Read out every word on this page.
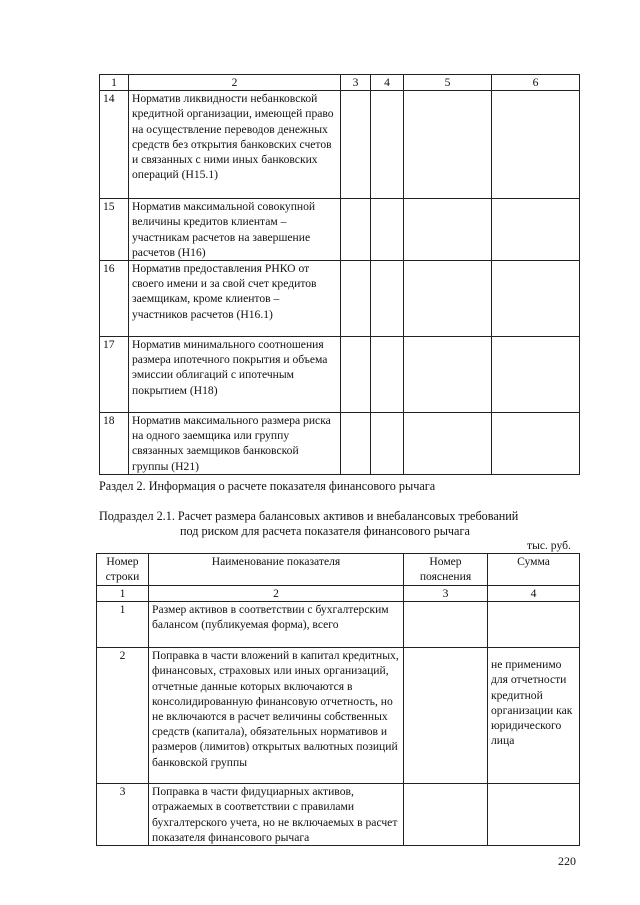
1	2	3	4	5	6
14	Норматив ликвидности небанковской кредитной организации, имеющей право на осуществление переводов денежных средств без открытия банковских счетов и связанных с ними иных банковских операций (Н15.1)				
15	Норматив максимальной совокупной величины кредитов клиентам – участникам расчетов на завершение расчетов (Н16)				
16	Норматив предоставления РНКО от своего имени и за свой счет кредитов заемщикам, кроме клиентов – участников расчетов (Н16.1)				
17	Норматив минимального соотношения размера ипотечного покрытия и объема эмиссии облигаций с ипотечным покрытием (Н18)				
18	Норматив максимального размера риска на одного заемщика или группу связанных заемщиков банковской группы (Н21)				
Раздел 2. Информация о расчете показателя финансового рычага
Подраздел 2.1. Расчет размера балансовых активов и внебалансовых требований
под риском для расчета показателя финансового рычага
тыс. руб.
Номер строки	Наименование показателя	Номер пояснения	Сумма
1	2	3	4
1	Размер активов в соответствии с бухгалтерским балансом (публикуемая форма), всего		
2	Поправка в части вложений в капитал кредитных, финансовых, страховых или иных организаций, отчетные данные которых включаются в консолидированную финансовую отчетность, но не включаются в расчет величины собственных средств (капитала), обязательных нормативов и размеров (лимитов) открытых валютных позиций банковской группы		не применимо для отчетности кредитной организации как юридического лица
3	Поправка в части фидуциарных активов, отражаемых в соответствии с правилами бухгалтерского учета, но не включаемых в расчет показателя финансового рычага		
220
